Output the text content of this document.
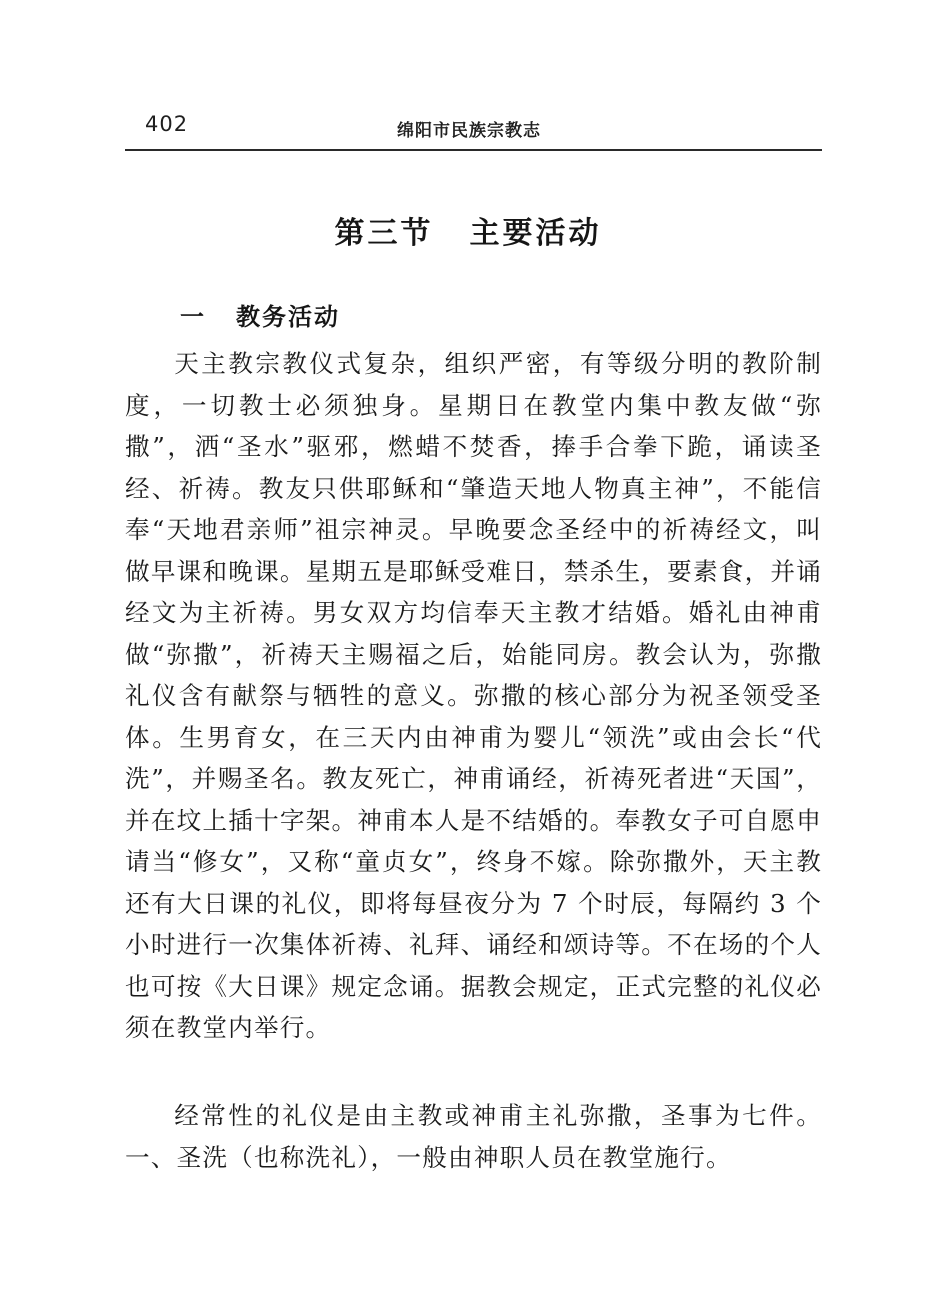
402	绵阳市民族宗教志
第三节 主要活动
一 教务活动

天主教宗教仪式复杂，组织严密，有等级分明的教阶制度，一切教士必须独身。星期日在教堂内集中教友做“弥撒”，洒“圣水”驱邪，燃蜡不焚香，捧手合拳下跪，诵读圣经、祈祷。教友只供耶稣和“肇造天地人物真主神”，不能信奉“天地君亲师”祖宗神灵。早晚要念圣经中的祈祷经文，叫做早课和晚课。星期五是耶稣受难日，禁杀生，要素食，并诵经文为主祈祷。男女双方均信奉天主教才结婚。婚礼由神甫做“弥撒”，祈祷天主赐福之后，始能同房。教会认为，弥撒礼仪含有献祭与牺牲的意义。弥撒的核心部分为祝圣领受圣体。生男育女，在三天内由神甫为婴儿“领洗”或由会长“代洗”，并赐圣名。教友死亡，神甫诵经，祈祷死者进“天国”，并在坟上插十字架。神甫本人是不结婚的。奉教女子可自愿申请当“修女”，又称“童贞女”，终身不嫁。除弥撒外，天主教还有大日课的礼仪，即将每昼夜分为 7 个时辰，每隔约 3 个小时进行一次集体祈祷、礼拜、诵经和颂诗等。不在场的个人也可按《大日课》规定念诵。据教会规定，正式完整的礼仪必须在教堂内举行。

经常性的礼仪是由主教或神甫主礼弥撒，圣事为七件。一、圣洗（也称洗礼），一般由神职人员在教堂施行。
